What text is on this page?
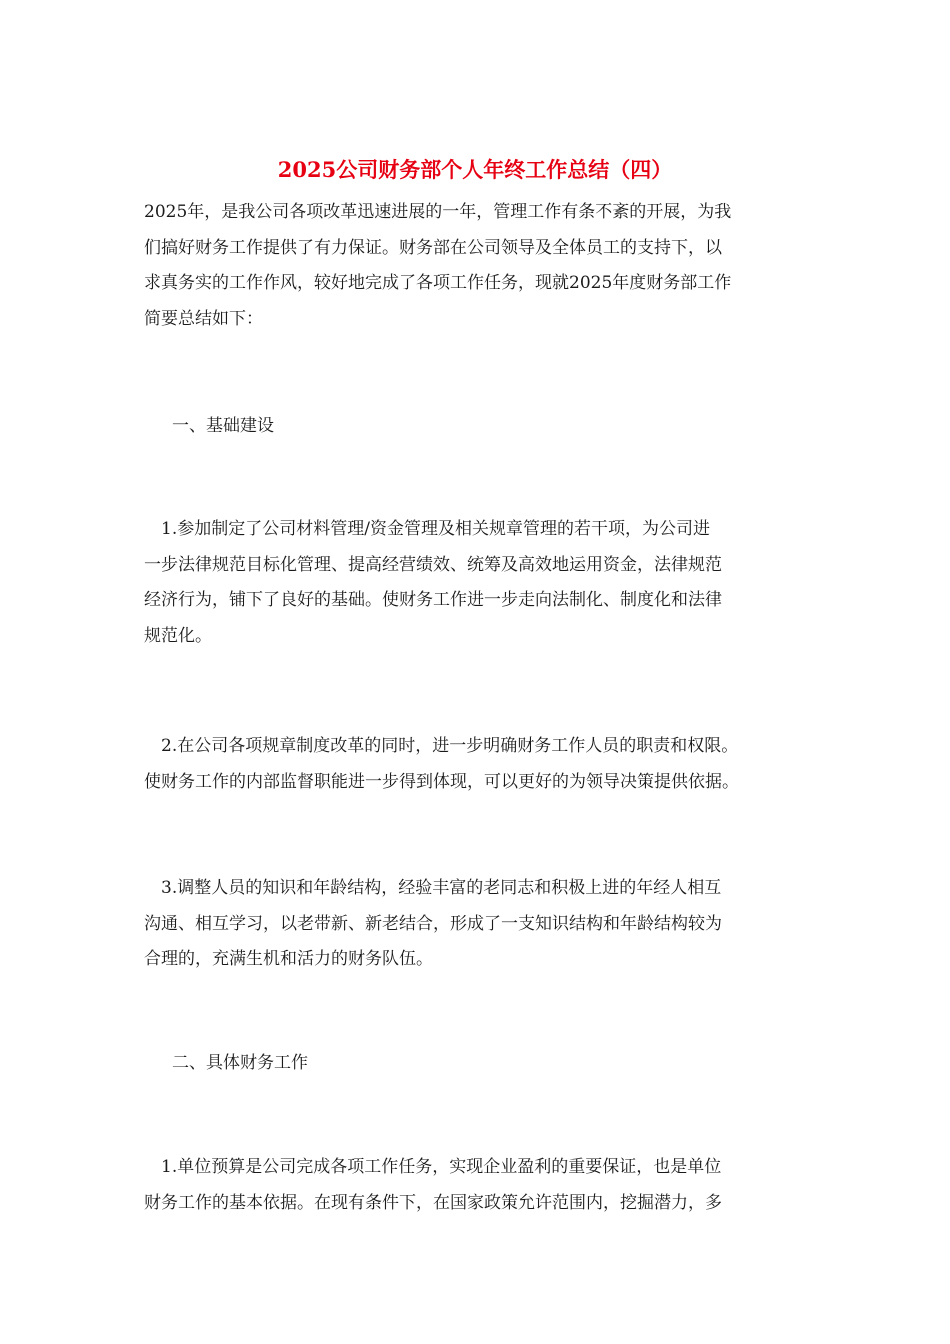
2025公司财务部个人年终工作总结（四）
2025年，是我公司各项改革迅速进展的一年，管理工作有条不紊的开展，为我
们搞好财务工作提供了有力保证。财务部在公司领导及全体员工的支持下，以
求真务实的工作作风，较好地完成了各项工作任务，现就2025年度财务部工作
简要总结如下：
一、基础建设
　1.参加制定了公司材料管理/资金管理及相关规章管理的若干项，为公司进
一步法律规范目标化管理、提高经营绩效、统筹及高效地运用资金，法律规范
经济行为，铺下了良好的基础。使财务工作进一步走向法制化、制度化和法律
规范化。
　2.在公司各项规章制度改革的同时，进一步明确财务工作人员的职责和权限。
使财务工作的内部监督职能进一步得到体现，可以更好的为领导决策提供依据。
　3.调整人员的知识和年龄结构，经验丰富的老同志和积极上进的年经人相互
沟通、相互学习，以老带新、新老结合，形成了一支知识结构和年龄结构较为
合理的，充满生机和活力的财务队伍。
二、具体财务工作
　1.单位预算是公司完成各项工作任务，实现企业盈利的重要保证，也是单位
财务工作的基本依据。在现有条件下，在国家政策允许范围内，挖掘潜力，多
